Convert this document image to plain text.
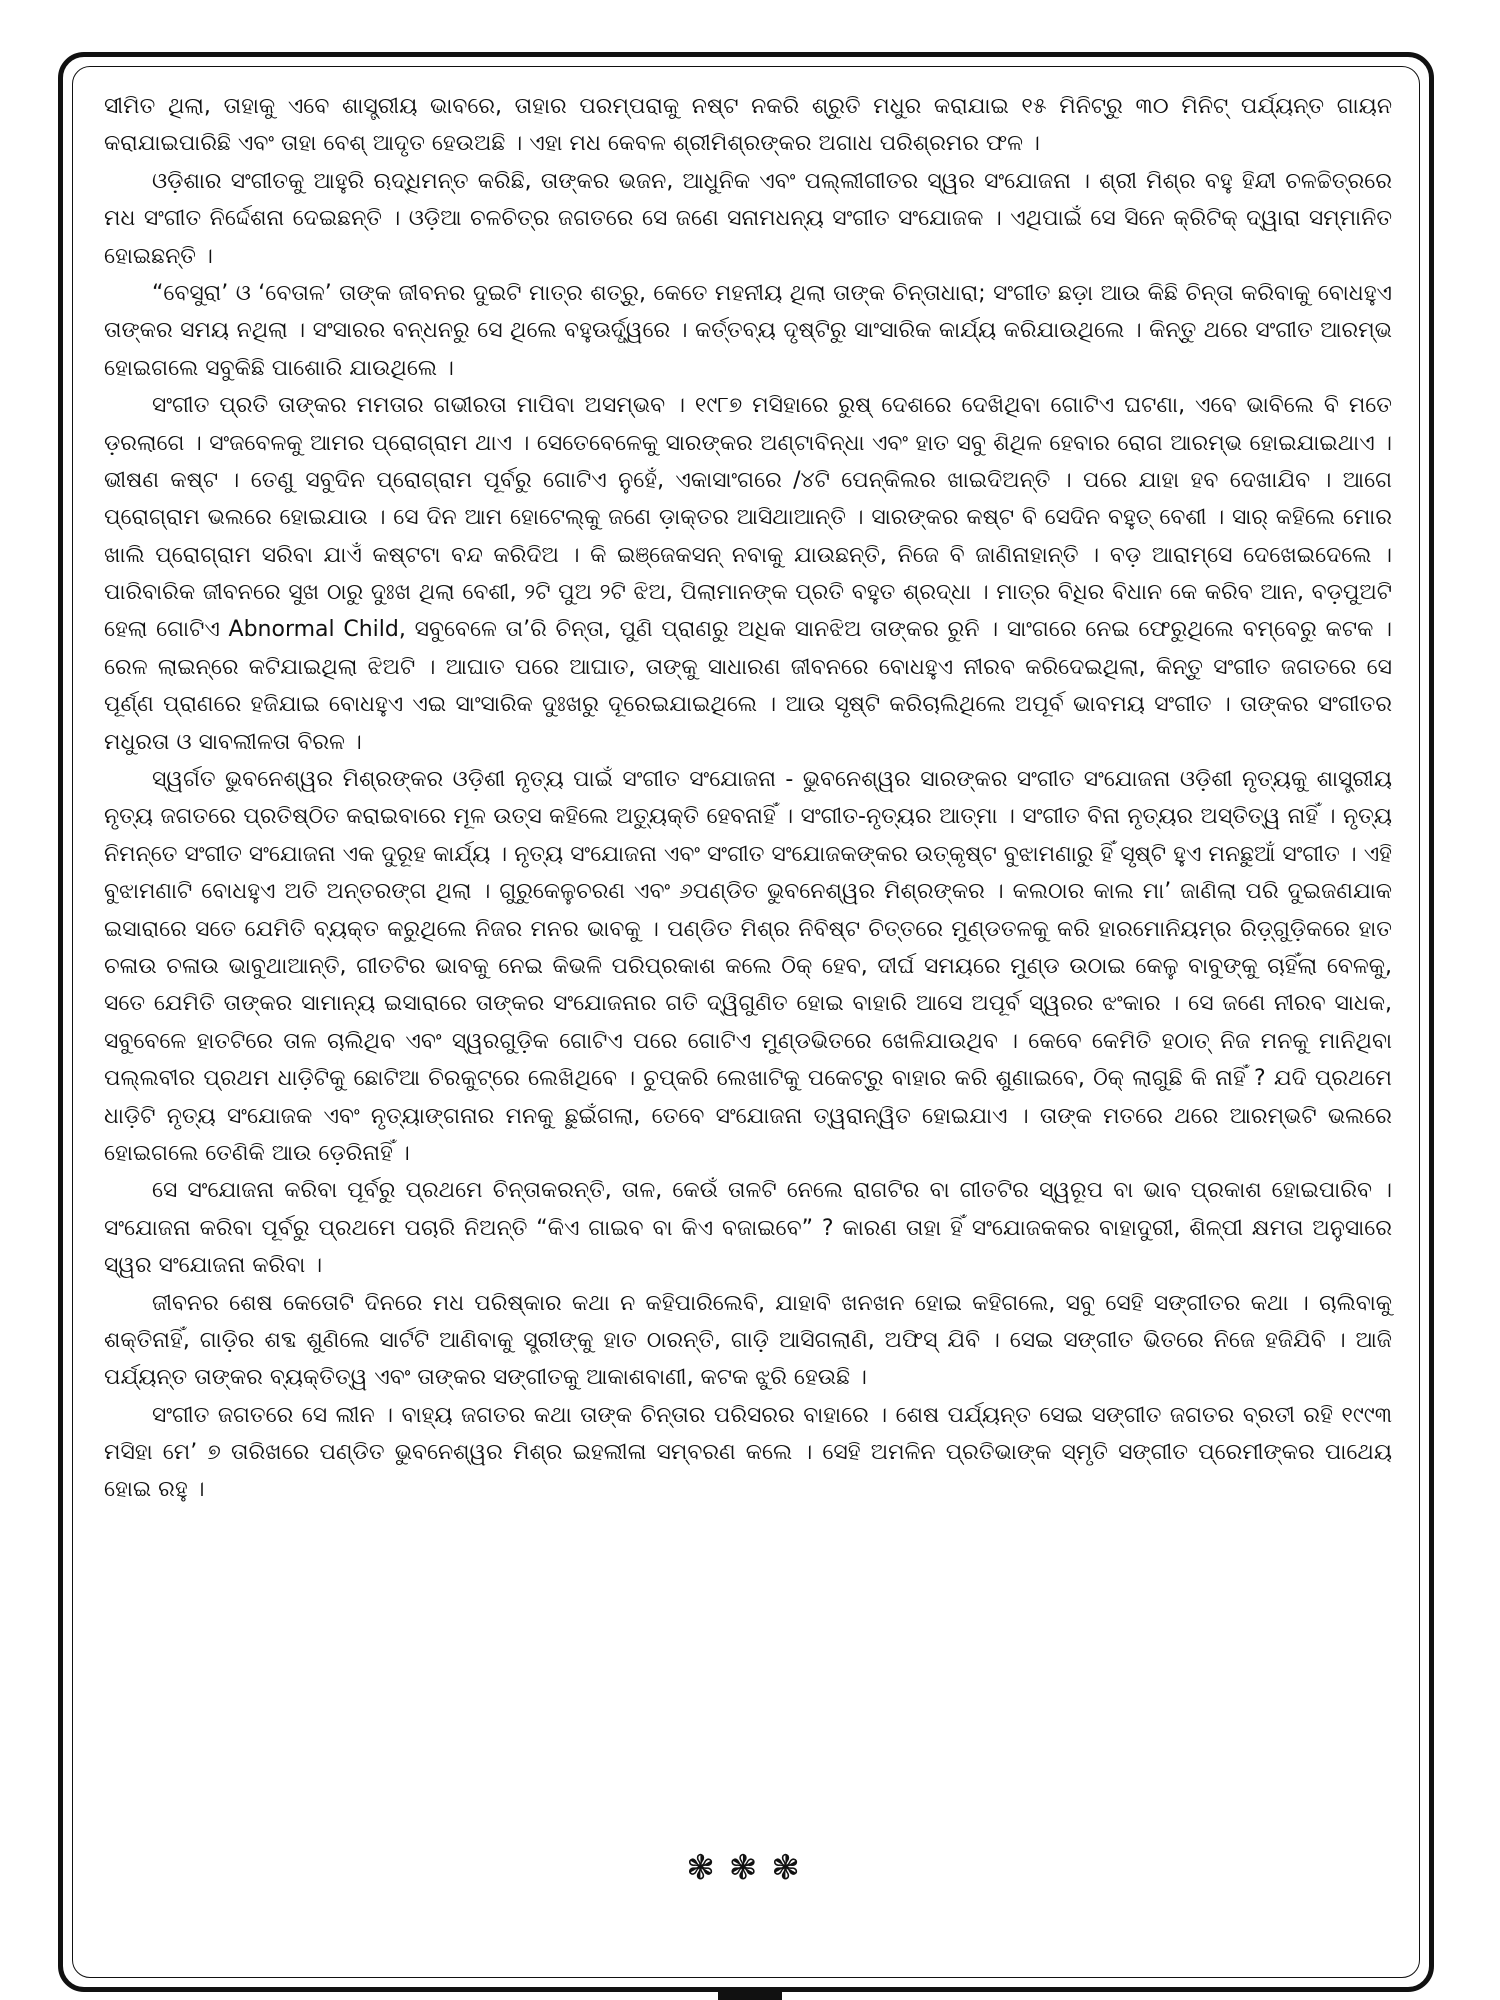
ସୀମିତ ଥିଲା, ତାହାକୁ ଏବେ ଶାସ୍ତ୍ରୀୟ ଭାବରେ, ତାହାର ପରମ୍ପରାକୁ ନଷ୍ଟ ନକରି ଶ୍ରୁତି ମଧୁର କରାଯାଇ ୧୫ ମିନିଟ୍‌ରୁ ୩୦ ମିନିଟ୍ ପର୍ଯ୍ୟନ୍ତ ଗାୟନ କରାଯାଇପାରିଛି ଏବଂ ତାହା ବେଶ୍ ଆଦୃତ ହେଉଅଛି । ଏହା ମଧ କେବଳ ଶ୍ରୀମିଶ୍ରଙ୍କର ଅଗାଧ ପରିଶ୍ରମର ଫଳ ।

ଓଡ଼ିଶାର ସଂଗୀତକୁ ଆହୁରି ଋଦ୍ଧିମନ୍ତ କରିଛି, ତାଙ୍କର ଭଜନ, ଆଧୁନିକ ଏବଂ ପଲ୍ଲୀଗୀତର ସ୍ୱର ସଂଯୋଜନା । ଶ୍ରୀ ମିଶ୍ର ବହୁ ହିନ୍ଦୀ ଚଳଚ୍ଚିତ୍ରରେ ମଧ ସଂଗୀତ ନିର୍ଦ୍ଦେଶନା ଦେଇଛନ୍ତି । ଓଡ଼ିଆ ଚଳଚିତ୍ର ଜଗତରେ ସେ ଜଣେ ସନାମଧନ୍ୟ ସଂଗୀତ ସଂଯୋଜକ । ଏଥିପାଇଁ ସେ ସିନେ କ୍ରିଟିକ୍ ଦ୍ୱାରା ସମ୍ମାନିତ ହୋଇଛନ୍ତି ।

“ବେସୁରା’ ଓ ‘ବେତାଳ’ ତାଙ୍କ ଜୀବନର ଦୁଇଟି ମାତ୍ର ଶତ୍ରୁ, କେତେ ମହନୀୟ ଥିଲା ତାଙ୍କ ଚିନ୍ତାଧାରା; ସଂଗୀତ ଛଡ଼ା ଆଉ କିଛି ଚିନ୍ତା କରିବାକୁ ବୋଧହୁଏ ତାଙ୍କର ସମୟ ନଥିଲା । ସଂସାରର ବନ୍ଧନରୁ ସେ ଥିଲେ ବହୁଊର୍ଦ୍ଧ୍ୱରେ । କର୍ତ୍ତବ୍ୟ ଦୃଷ୍ଟିରୁ ସାଂସାରିକ କାର୍ଯ୍ୟ କରିଯାଉଥିଲେ । କିନ୍ତୁ ଥରେ ସଂଗୀତ ଆରମ୍ଭ ହୋଇଗଲେ ସବୁକିଛି ପାଶୋରି ଯାଉଥିଲେ ।

ସଂଗୀତ ପ୍ରତି ତାଙ୍କର ମମତାର ଗଭୀରତା ମାପିବା ଅସମ୍ଭବ । ୧୯୮୭ ମସିହାରେ ରୁଷ୍ ଦେଶରେ ଦେଖିଥିବା ଗୋଟିଏ ଘଟଣା, ଏବେ ଭାବିଲେ ବି ମତେ ଡ଼ରଲାଗେ । ସଂଜବେଳକୁ ଆମର ପ୍ରୋଗ୍ରାମ ଥାଏ । ସେତେବେଳେକୁ ସାରଙ୍କର ଅଣ୍ଟାବିନ୍ଧା ଏବଂ ହାତ ସବୁ ଶିଥିଳ ହେବାର ରୋଗ ଆରମ୍ଭ ହୋଇଯାଇଥାଏ । ଭୀଷଣ କଷ୍ଟ । ତେଣୁ ସବୁଦିନ ପ୍ରୋଗ୍ରାମ ପୂର୍ବରୁ ଗୋଟିଏ ନୁହେଁ, ଏକାସାଂଗରେ /୪ଟି ପେନ୍‌କିଲର ଖାଇଦିଅନ୍ତି । ପରେ ଯାହା ହବ ଦେଖାଯିବ । ଆଗେ ପ୍ରୋଗ୍ରାମ ଭଲରେ ହୋଇଯାଉ । ସେ ଦିନ ଆମ ହୋଟେଲ୍‌କୁ ଜଣେ ଡ଼ାକ୍ତର ଆସିଥାଆନ୍ତି । ସାରଙ୍କର କଷ୍ଟ ବି ସେଦିନ ବହୁତ୍ ବେଶୀ । ସାର୍ କହିଲେ ମୋର ଖାଲି ପ୍ରୋଗ୍ରାମ ସରିବା ଯାଏଁ କଷ୍ଟଟା ବନ୍ଦ କରିଦିଅ । କି ଇଞ୍ଜେକସନ୍ ନବାକୁ ଯାଉଛନ୍ତି, ନିଜେ ବି ଜାଣିନାହାନ୍ତି । ବଡ଼ ଆରାମ୍‌ସେ ଦେଖେଇଦେଲେ । ପାରିବାରିକ ଜୀବନରେ ସୁଖ ଠାରୁ ଦୁଃଖ ଥିଲା ବେଶୀ, ୨ଟି ପୁଅ ୨ଟି ଝିଅ, ପିଲାମାନଙ୍କ ପ୍ରତି ବହୁତ ଶ୍ରଦ୍ଧା । ମାତ୍ର ବିଧିର ବିଧାନ କେ କରିବ ଆନ, ବଡ଼ପୁଅଟି ହେଲା ଗୋଟିଏ Abnormal Child, ସବୁବେଳେ ତା’ରି ଚିନ୍ତା, ପୁଣି ପ୍ରାଣରୁ ଅଧିକ ସାନଝିଅ ତାଙ୍କର ରୁନି । ସାଂଗରେ ନେଇ ଫେରୁଥିଲେ ବମ୍ବେରୁ କଟକ । ରେଳ ଲାଇନ୍‌ରେ କଟିଯାଇଥିଲା ଝିଅଟି । ଆଘାତ ପରେ ଆଘାତ, ତାଙ୍କୁ ସାଧାରଣ ଜୀବନରେ ବୋଧହୁଏ ନୀରବ କରିଦେଇଥିଲା, କିନ୍ତୁ ସଂଗୀତ ଜଗତରେ ସେ ପୂର୍ଣ୍ଣ ପ୍ରାଣରେ ହଜିଯାଇ ବୋଧହୁଏ ଏଇ ସାଂସାରିକ ଦୁଃଖରୁ ଦୂରେଇଯାଇଥିଲେ । ଆଉ ସୃଷ୍ଟି କରିଚାଲିଥିଲେ ଅପୂର୍ବ ଭାବମୟ ସଂଗୀତ । ତାଙ୍କର ସଂଗୀତର ମଧୁରତା ଓ ସାବଲୀଳତା ବିରଳ ।

ସ୍ୱର୍ଗତ ଭୁବନେଶ୍ୱର ମିଶ୍ରଙ୍କର ଓଡ଼ିଶୀ ନୃତ୍ୟ ପାଇଁ ସଂଗୀତ ସଂଯୋଜନା - ଭୁବନେଶ୍ୱର ସାରଙ୍କର ସଂଗୀତ ସଂଯୋଜନା ଓଡ଼ିଶୀ ନୃତ୍ୟକୁ ଶାସ୍ତ୍ରୀୟ ନୃତ୍ୟ ଜଗତରେ ପ୍ରତିଷ୍ଠିତ କରାଇବାରେ ମୂଳ ଉତ୍ସ କହିଲେ ଅତ୍ୟୁକ୍ତି ହେବନାହିଁ । ସଂଗୀତ-ନୃତ୍ୟର ଆତ୍ମା । ସଂଗୀତ ବିନା ନୃତ୍ୟର ଅସ୍ତିତ୍ୱ ନାହିଁ । ନୃତ୍ୟ ନିମନ୍ତେ ସଂଗୀତ ସଂଯୋଜନା ଏକ ଦୁରୂହ କାର୍ଯ୍ୟ । ନୃତ୍ୟ ସଂଯୋଜନା ଏବଂ ସଂଗୀତ ସଂଯୋଜକଙ୍କର ଉତ୍କୃଷ୍ଟ ବୁଝାମଣାରୁ ହିଁ ସୃଷ୍ଟି ହୁଏ ମନଛୁଆଁ ସଂଗୀତ । ଏହି ବୁଝାମଣାଟି ବୋଧହୁଏ ଅତି ଅନ୍ତରଙ୍ଗ ଥିଲା । ଗୁରୁକେଳୁଚରଣ ଏବଂ ୬ପଣ୍ଡିତ ଭୁବନେଶ୍ୱର ମିଶ୍ରଙ୍କର । କଲଠାର କାଲ ମା’ ଜାଣିଲା ପରି ଦୁଇଜଣଯାକ ଇସାରାରେ ସତେ ଯେମିତି ବ୍ୟକ୍ତ କରୁଥିଲେ ନିଜର ମନର ଭାବକୁ । ପଣ୍ଡିତ ମିଶ୍ର ନିବିଷ୍ଟ ଚିତ୍ତରେ ମୁଣ୍ଡତଳକୁ କରି ହାରମୋନିୟମ୍‌ର ରିଡ଼୍‌ଗୁଡ଼ିକରେ ହାତ ଚଳାଉ ଚଳାଉ ଭାବୁଥାଆନ୍ତି, ଗୀତଟିର ଭାବକୁ ନେଇ କିଭଳି ପରିପ୍ରକାଶ କଲେ ଠିକ୍ ହେବ, ଦୀର୍ଘ ସମୟରେ ମୁଣ୍ଡ ଉଠାଇ କେଳୁ ବାବୁଙ୍କୁ ଚାହିଁଲା ବେଳକୁ, ସତେ ଯେମିତି ତାଙ୍କର ସାମାନ୍ୟ ଇସାରାରେ ତାଙ୍କର ସଂଯୋଜନାର ଗତି ଦ୍ୱିଗୁଣିତ ହୋଇ ବାହାରି ଆସେ ଅପୂର୍ବ ସ୍ୱରର ଝଂକାର । ସେ ଜଣେ ନୀରବ ସାଧକ, ସବୁବେଳେ ହାତଟିରେ ତାଳ ଚାଲିଥିବ ଏବଂ ସ୍ୱରଗୁଡ଼ିକ ଗୋଟିଏ ପରେ ଗୋଟିଏ ମୁଣ୍ଡଭିତରେ ଖେଳିଯାଉଥିବ । କେବେ କେମିତି ହଠାତ୍ ନିଜ ମନକୁ ମାନିଥିବା ପଲ୍ଲବୀର ପ୍ରଥମ ଧାଡ଼ିଟିକୁ ଛୋଟିଆ ଚିରକୁଟ୍‌ରେ ଲେଖିଥିବେ । ଚୁପ୍‌କରି ଲେଖାଟିକୁ ପକେଟ୍‌ରୁ ବାହାର କରି ଶୁଣାଇବେ, ଠିକ୍ ଲାଗୁଛି କି ନାହିଁ ? ଯଦି ପ୍ରଥମେ ଧାଡ଼ିଟି ନୃତ୍ୟ ସଂଯୋଜକ ଏବଂ ନୃତ୍ୟାଙ୍ଗନାର ମନକୁ ଛୁଇଁଗଲା, ତେବେ ସଂଯୋଜନା ତ୍ୱରାନ୍ୱିତ ହୋଇଯାଏ । ତାଙ୍କ ମତରେ ଥରେ ଆରମ୍ଭଟି ଭଲରେ ହୋଇଗଲେ ତେଣିକି ଆଉ ଡ଼େରିନାହିଁ ।

ସେ ସଂଯୋଜନା କରିବା ପୂର୍ବରୁ ପ୍ରଥମେ ଚିନ୍ତାକରନ୍ତି, ତାଳ, କେଉଁ ତାଳଟି ନେଲେ ରାଗଟିର ବା ଗୀତଟିର ସ୍ୱରୂପ ବା ଭାବ ପ୍ରକାଶ ହୋଇପାରିବ । ସଂଯୋଜନା କରିବା ପୂର୍ବରୁ ପ୍ରଥମେ ପଚାରି ନିଅନ୍ତି “କିଏ ଗାଇବ ବା କିଏ ବଜାଇବେ” ? କାରଣ ତାହା ହିଁ ସଂଯୋଜକକର ବାହାଦୁରୀ, ଶିଳ୍ପୀ କ୍ଷମତା ଅନୁସାରେ ସ୍ୱର ସଂଯୋଜନା କରିବା ।

ଜୀବନର ଶେଷ କେତୋଟି ଦିନରେ ମଧ ପରିଷ୍କାର କଥା ନ କହିପାରିଲେବି, ଯାହାବି ଖନଖନ ହୋଇ କହିଗଲେ, ସବୁ ସେହି ସଙ୍ଗୀତର କଥା । ଚାଲିବାକୁ ଶକ୍ତିନାହିଁ, ଗାଡ଼ିର ଶବ୍ଦ ଶୁଣିଲେ ସାର୍ଟଟି ଆଣିବାକୁ ସ୍ତ୍ରୀଙ୍କୁ ହାତ ଠାରନ୍ତି, ଗାଡ଼ି ଆସିଗଲାଣି, ଅଫିସ୍ ଯିବି । ସେଇ ସଙ୍ଗୀତ ଭିତରେ ନିଜେ ହଜିଯିବି । ଆଜି ପର୍ଯ୍ୟନ୍ତ ତାଙ୍କର ବ୍ୟକ୍ତିତ୍ୱ ଏବଂ ତାଙ୍କର ସଙ୍ଗୀତକୁ ଆକାଶବାଣୀ, କଟକ ଝୁରି ହେଉଛି ।

ସଂଗୀତ ଜଗତରେ ସେ ଲୀନ । ବାହ୍ୟ ଜଗତର କଥା ତାଙ୍କ ଚିନ୍ତାର ପରିସରର ବାହାରେ । ଶେଷ ପର୍ଯ୍ୟନ୍ତ ସେଇ ସଙ୍ଗୀତ ଜଗତର ବ୍ରତୀ ରହି ୧୯୯୩ ମସିହା ମେ’ ୭ ତାରିଖରେ ପଣ୍ଡିତ ଭୁବନେଶ୍ୱର ମିଶ୍ର ଇହଲୀଳା ସମ୍ବରଣ କଲେ । ସେହି ଅମଳିନ ପ୍ରତିଭାଙ୍କ ସ୍ମୃତି ସଙ୍ଗୀତ ପ୍ରେମୀଙ୍କର ପାଥେୟ ହୋଇ ରହୁ ।

❃❃❃
